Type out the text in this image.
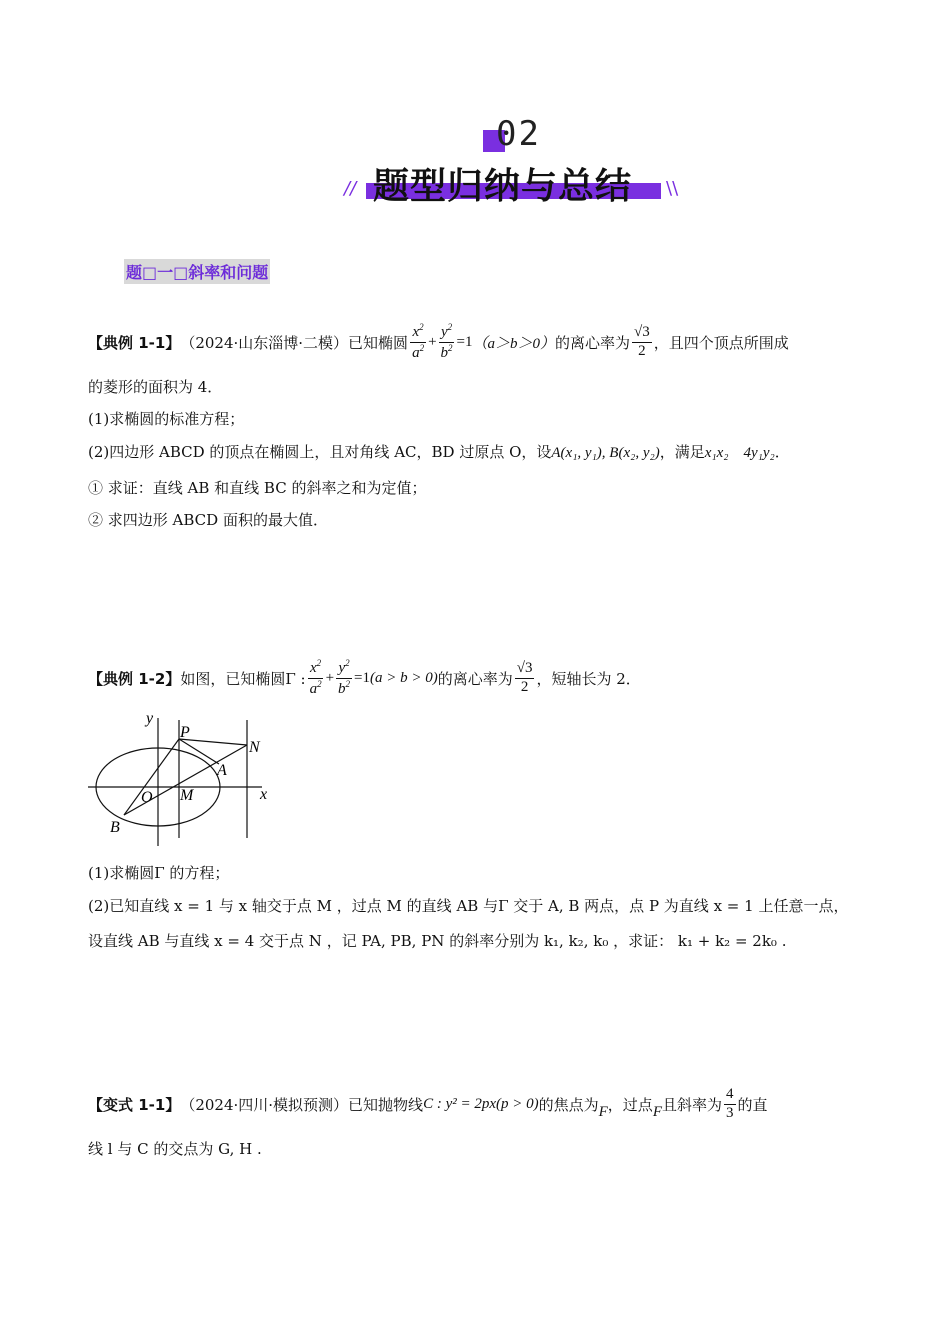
02
题型归纳与总结
//	\\
题□一□斜率和问题
【典例 1-1】 （2024·山东淄博·二模） 已知椭圆 $\frac{x^2}{a^2} + \frac{y^2}{b^2} =1$ （a＞b＞0） 的离心率为 $\frac{√3}{2}$ ，且四个顶点所围成
的菱形的面积为 4．
(1)求椭圆的标准方程；
(2)四边形 ABCD 的顶点在椭圆上，且对角线 AC，BD 过原点 O，设A(x₁, y₁), B(x₂, y₂)，满足x₁x₂    4y₁y₂．
① 求证：直线 AB 和直线 BC 的斜率之和为定值；
② 求四边形 ABCD 面积的最大值．
【典例 1-2】 如图，已知椭圆Γ : $\frac{x^2}{a^2} + \frac{y^2}{b^2} =1$ (a > b > 0) 的离心率为 $\frac{√3}{2}$ ，短轴长为 2．
y
x
P
N
A
O M
B
(1)求椭圆Γ 的方程；
(2)已知直线 x = 1 与 x 轴交于点 M ，过点 M 的直线 AB 与Γ 交于 A, B 两点，点 P 为直线 x = 1 上任意一点，
设直线 AB 与直线 x = 4 交于点 N ，记 PA, PB, PN 的斜率分别为 k₁, k₂, k₀ ，求证： k₁ + k₂ = 2k₀ .
【变式 1-1】 （2024·四川·模拟预测） 已知抛物线 C : y² = 2px(p > 0) 的焦点为 F ，过点 F 且斜率为 $\frac{4}{3}$ 的直
线 l 与 C 的交点为 G, H .
